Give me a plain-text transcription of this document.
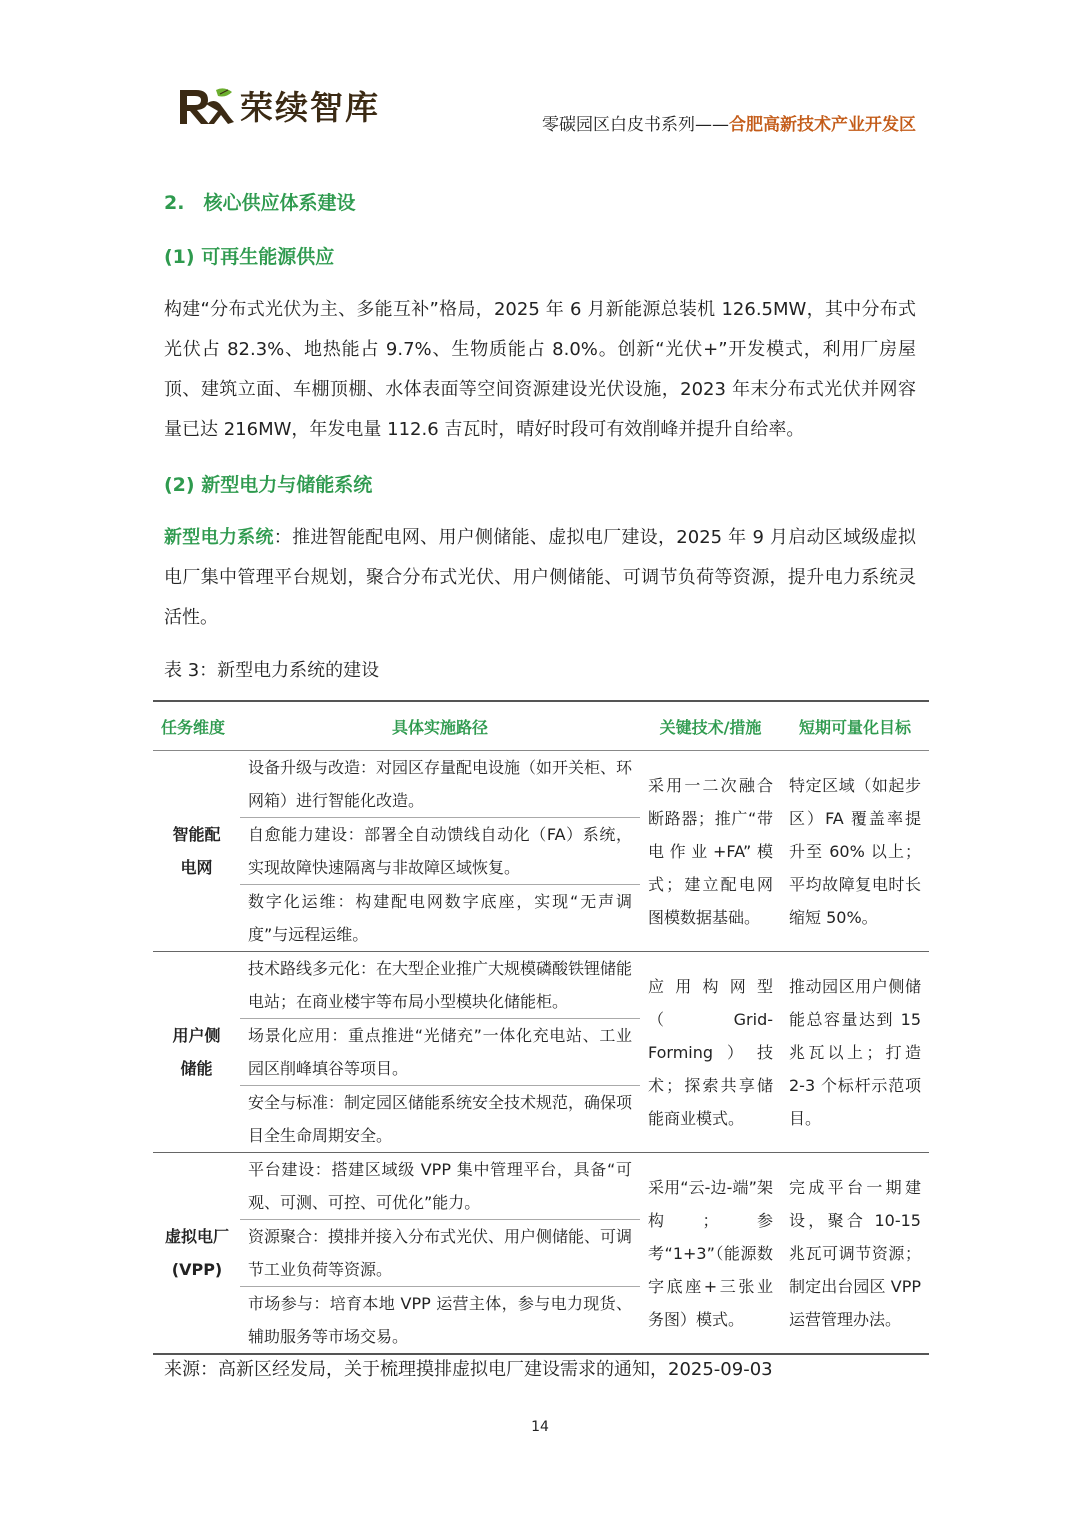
荣续智库	零碳园区白皮书系列——合肥高新技术产业开发区
2.　核心供应体系建设
(1) 可再生能源供应
构建“分布式光伏为主、多能互补”格局，2025 年 6 月新能源总装机 126.5MW，其中分布式光伏占 82.3%、地热能占 9.7%、生物质能占 8.0%。创新“光伏+”开发模式，利用厂房屋顶、建筑立面、车棚顶棚、水体表面等空间资源建设光伏设施，2023 年末分布式光伏并网容量已达 216MW，年发电量 112.6 吉瓦时，晴好时段可有效削峰并提升自给率。
(2) 新型电力与储能系统
新型电力系统：推进智能配电网、用户侧储能、虚拟电厂建设，2025 年 9 月启动区域级虚拟电厂集中管理平台规划，聚合分布式光伏、用户侧储能、可调节负荷等资源，提升电力系统灵活性。
表 3：新型电力系统的建设
任务维度	具体实施路径	关键技术/措施	短期可量化目标

智能配电网	设备升级与改造：对园区存量配电设施（如开关柜、环网箱）进行智能化改造。	采用一二次融合断路器；推广“带电作业+FA”模式；建立配电网图模数据基础。	特定区域（如起步区）FA 覆盖率提升至 60% 以上；平均故障复电时长缩短 50%。
	自愈能力建设：部署全自动馈线自动化（FA）系统，实现故障快速隔离与非故障区域恢复。		
	数字化运维：构建配电网数字底座，实现“无声调度”与远程运维。		

用户侧储能	技术路线多元化：在大型企业推广大规模磷酸铁锂储能电站；在商业楼宇等布局小型模块化储能柜。	应用构网型（Grid-Forming）技术；探索共享储能商业模式。	推动园区用户侧储能总容量达到 15 兆瓦以上；打造 2-3 个标杆示范项目。
	场景化应用：重点推进“光储充”一体化充电站、工业园区削峰填谷等项目。		
	安全与标准：制定园区储能系统安全技术规范，确保项目全生命周期安全。		

虚拟电厂(VPP)	平台建设：搭建区域级 VPP 集中管理平台，具备“可观、可测、可控、可优化”能力。	采用“云-边-端”架构；参考“1+3”（能源数字底座+三张业务图）模式。	完成平台一期建设，聚合 10-15 兆瓦可调节资源；制定出台园区 VPP 运营管理办法。
	资源聚合：摸排并接入分布式光伏、用户侧储能、可调节工业负荷等资源。		
	市场参与：培育本地 VPP 运营主体，参与电力现货、辅助服务等市场交易。		
来源：高新区经发局，关于梳理摸排虚拟电厂建设需求的通知，2025-09-03
14
